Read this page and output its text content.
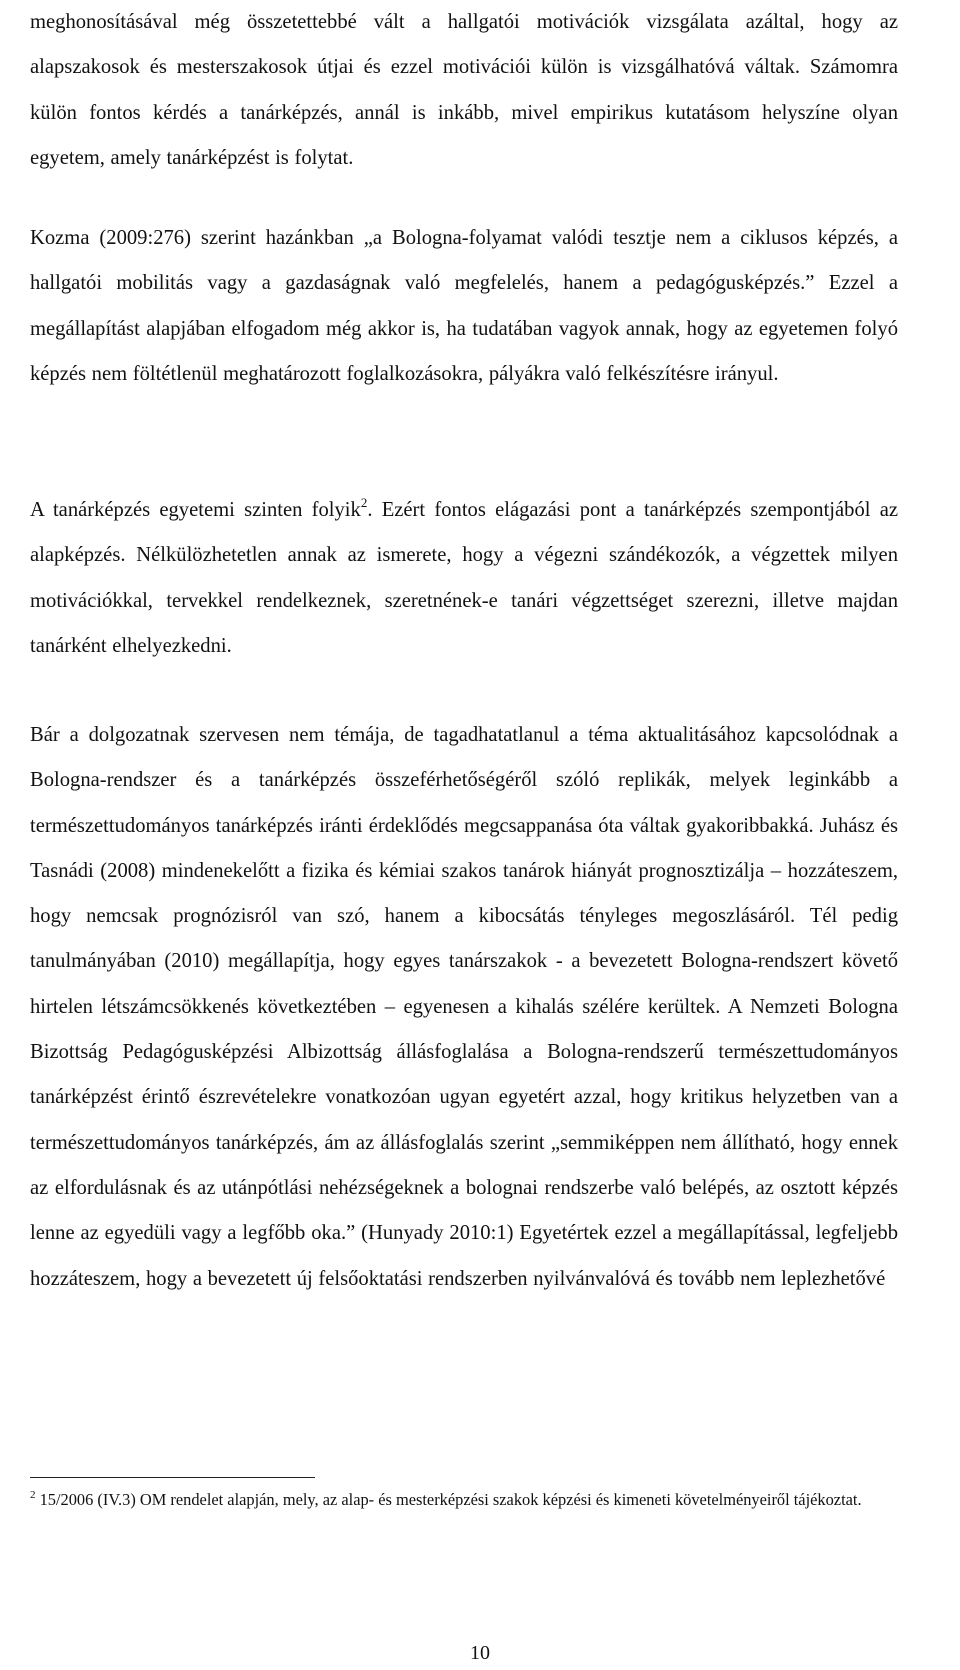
meghonosításával még összetettebbé vált a hallgatói motivációk vizsgálata azáltal, hogy az alapszakosok és mesterszakosok útjai és ezzel motivációi külön is vizsgálhatóvá váltak. Számomra külön fontos kérdés a tanárképzés, annál is inkább, mivel empirikus kutatásom helyszíne olyan egyetem, amely tanárképzést is folytat.

Kozma (2009:276) szerint hazánkban „a Bologna-folyamat valódi tesztje nem a ciklusos képzés, a hallgatói mobilitás vagy a gazdaságnak való megfelelés, hanem a pedagógusképzés.” Ezzel a megállapítást alapjában elfogadom még akkor is, ha tudatában vagyok annak, hogy az egyetemen folyó képzés nem föltétlenül meghatározott foglalkozásokra, pályákra való felkészítésre irányul.

A tanárképzés egyetemi szinten folyik$^2$. Ezért fontos elágazási pont a tanárképzés szempontjából az alapképzés. Nélkülözhetetlen annak az ismerete, hogy a végezni szándékozók, a végzettek milyen motivációkkal, tervekkel rendelkeznek, szeretnének-e tanári végzettséget szerezni, illetve majdan tanárként elhelyezkedni.

Bár a dolgozatnak szervesen nem témája, de tagadhatatlanul a téma aktualitásához kapcsolódnak a Bologna-rendszer és a tanárképzés összeférhetőségéről szóló replikák, melyek leginkább a természettudományos tanárképzés iránti érdeklődés megcsappanása óta váltak gyakoribbakká. Juhász és Tasnádi (2008) mindenekelőtt a fizika és kémiai szakos tanárok hiányát prognosztizálja – hozzáteszem, hogy nemcsak prognózisról van szó, hanem a kibocsátás tényleges megoszlásáról. Tél pedig tanulmányában (2010) megállapítja, hogy egyes tanárszakok - a bevezetett Bologna-rendszert követő hirtelen létszámcsökkenés következtében – egyenesen a kihalás szélére kerültek. A Nemzeti Bologna Bizottság Pedagógusképzési Albizottság állásfoglalása a Bologna-rendszerű természettudományos tanárképzést érintő észrevételekre vonatkozóan ugyan egyetért azzal, hogy kritikus helyzetben van a természettudományos tanárképzés, ám az állásfoglalás szerint „semmiképpen nem állítható, hogy ennek az elfordulásnak és az utánpótlási nehézségeknek a bolognai rendszerbe való belépés, az osztott képzés lenne az egyedüli vagy a legfőbb oka.” (Hunyady 2010:1) Egyetértek ezzel a megállapítással, legfeljebb hozzáteszem, hogy a bevezetett új felsőoktatási rendszerben nyilvánvalóvá és tovább nem leplezhetővé

$^2$ 15/2006 (IV.3) OM rendelet alapján, mely, az alap- és mesterképzési szakok képzési és kimeneti követelményeiről tájékoztat.
10
